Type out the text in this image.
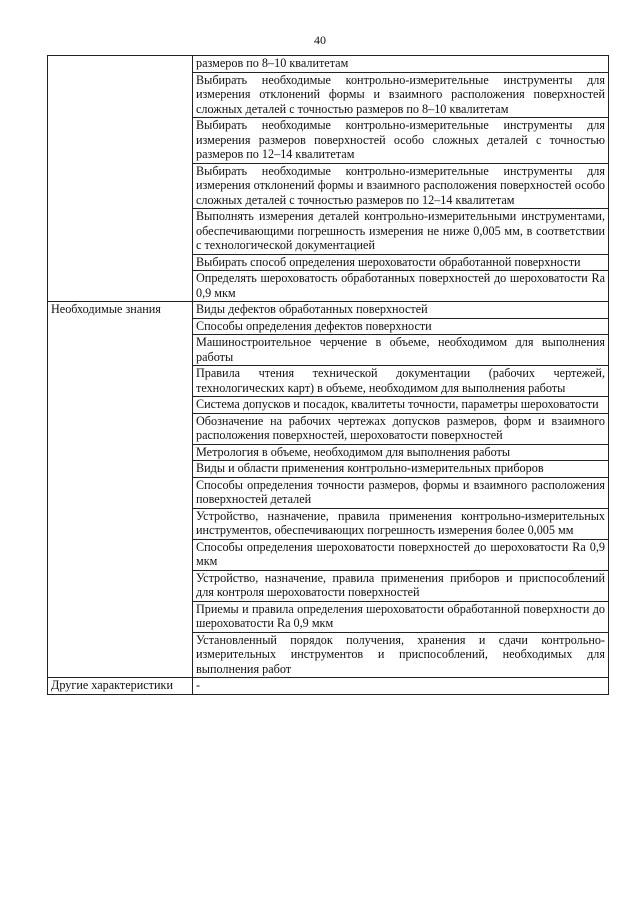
40
	размеров по 8–10 квалитетам
	Выбирать необходимые контрольно-измерительные инструменты для измерения отклонений формы и взаимного расположения поверхностей сложных деталей с точностью размеров по 8–10 квалитетам
	Выбирать необходимые контрольно-измерительные инструменты для измерения размеров поверхностей особо сложных деталей с точностью размеров по 12–14 квалитетам
	Выбирать необходимые контрольно-измерительные инструменты для измерения отклонений формы и взаимного расположения поверхностей особо сложных деталей с точностью размеров по 12–14 квалитетам
	Выполнять измерения деталей контрольно-измерительными инструментами, обеспечивающими погрешность измерения не ниже 0,005 мм, в соответствии с технологической документацией
	Выбирать способ определения шероховатости обработанной поверхности
	Определять шероховатость обработанных поверхностей до шероховатости Ra 0,9 мкм
Необходимые знания	Виды дефектов обработанных поверхностей
	Способы определения дефектов поверхности
	Машиностроительное черчение в объеме, необходимом для выполнения работы
	Правила чтения технической документации (рабочих чертежей, технологических карт) в объеме, необходимом для выполнения работы
	Система допусков и посадок, квалитеты точности, параметры шероховатости
	Обозначение на рабочих чертежах допусков размеров, форм и взаимного расположения поверхностей, шероховатости поверхностей
	Метрология в объеме, необходимом для выполнения работы
	Виды и области применения контрольно-измерительных приборов
	Способы определения точности размеров, формы и взаимного расположения поверхностей деталей
	Устройство, назначение, правила применения контрольно-измерительных инструментов, обеспечивающих погрешность измерения более 0,005 мм
	Способы определения шероховатости поверхностей до шероховатости Ra 0,9 мкм
	Устройство, назначение, правила применения приборов и приспособлений для контроля шероховатости поверхностей
	Приемы и правила определения шероховатости обработанной поверхности до шероховатости Ra 0,9 мкм
	Установленный порядок получения, хранения и сдачи контрольно-измерительных инструментов и приспособлений, необходимых для выполнения работ
Другие характеристики	-
